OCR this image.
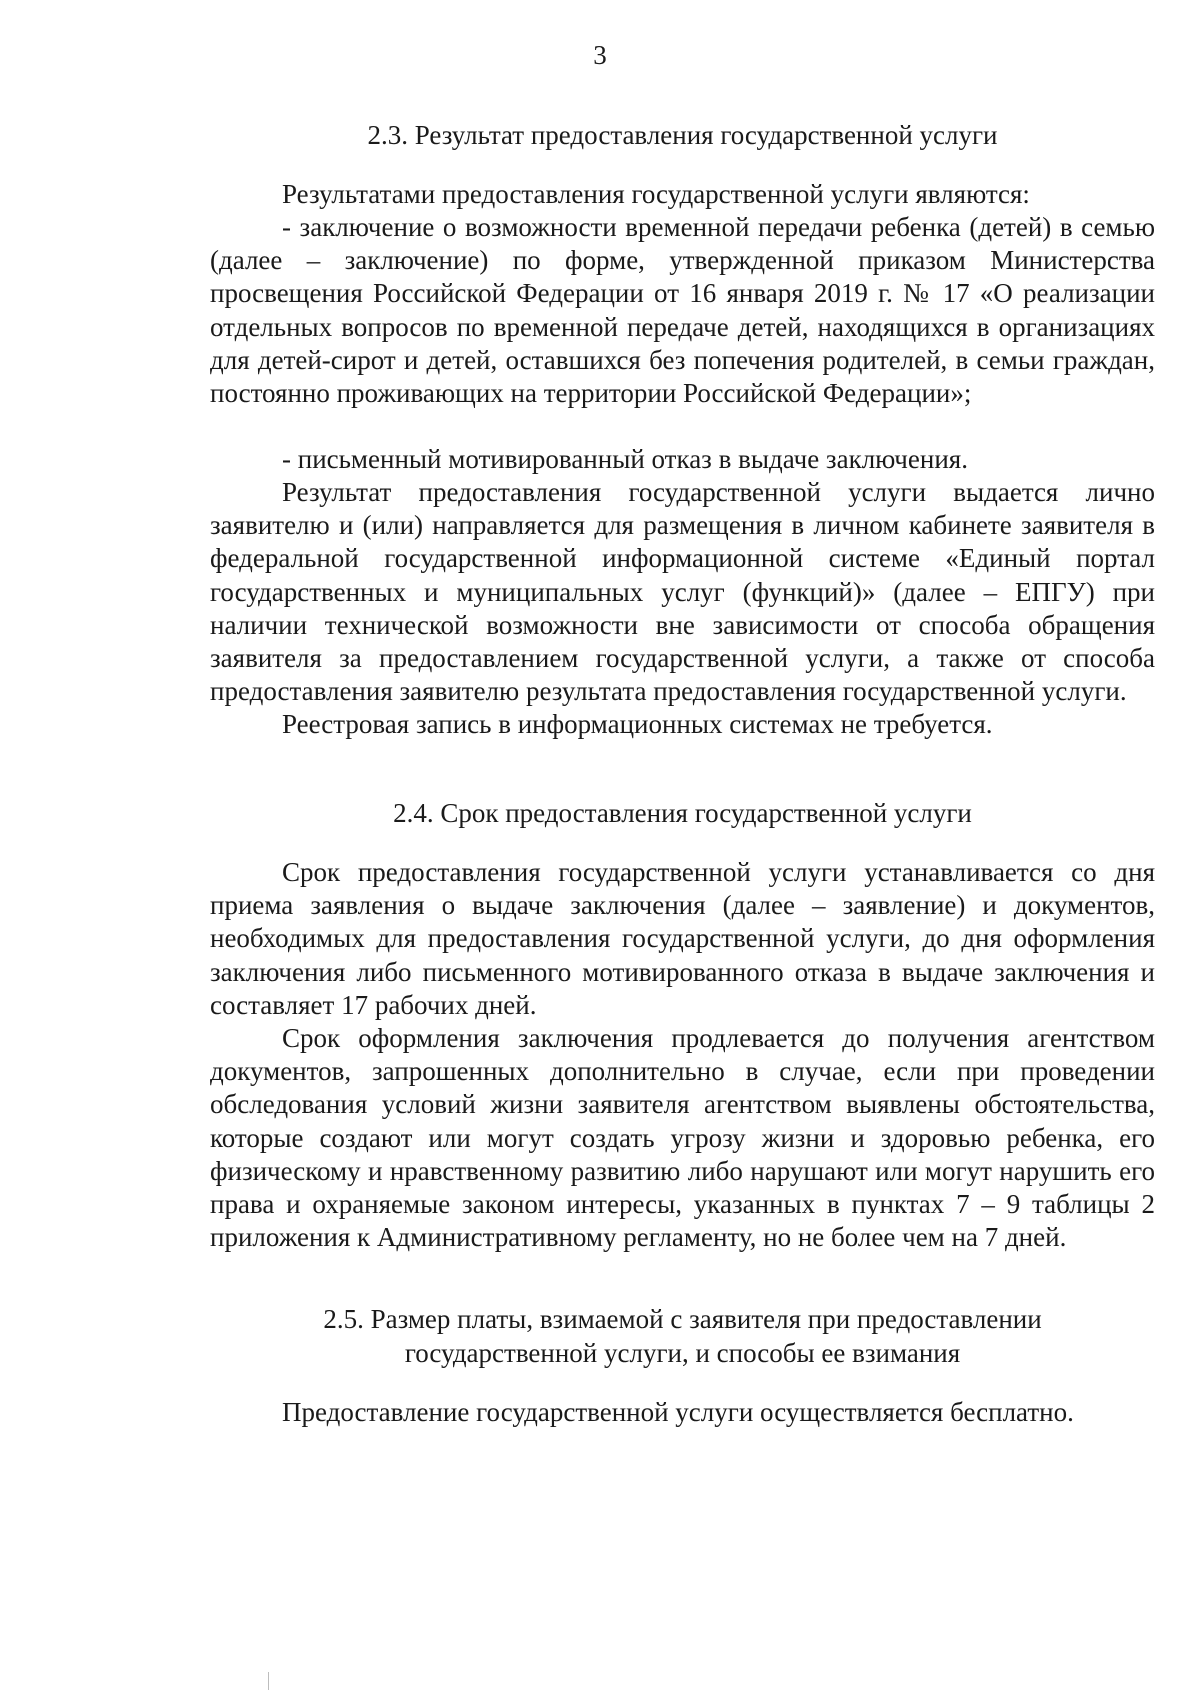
3
2.3. Результат предоставления государственной услуги

Результатами предоставления государственной услуги являются:

- заключение о возможности временной передачи ребенка (детей) в семью (далее – заключение) по форме, утвержденной приказом Министерства просвещения Российской Федерации от 16 января 2019 г. № 17 «О реализации отдельных вопросов по временной передаче детей, находящихся в организациях для детей-сирот и детей, оставшихся без попечения родителей, в семьи граждан, постоянно проживающих на территории Российской Федерации»;

- письменный мотивированный отказ в выдаче заключения.

Результат предоставления государственной услуги выдается лично заявителю и (или) направляется для размещения в личном кабинете заявителя в федеральной государственной информационной системе «Единый портал государственных и муниципальных услуг (функций)» (далее – ЕПГУ) при наличии технической возможности вне зависимости от способа обращения заявителя за предоставлением государственной услуги, а также от способа предоставления заявителю результата предоставления государственной услуги.

Реестровая запись в информационных системах не требуется.

2.4. Срок предоставления государственной услуги

Срок предоставления государственной услуги устанавливается со дня приема заявления о выдаче заключения (далее – заявление) и документов, необходимых для предоставления государственной услуги, до дня оформления заключения либо письменного мотивированного отказа в выдаче заключения и составляет 17 рабочих дней.

Срок оформления заключения продлевается до получения агентством документов, запрошенных дополнительно в случае, если при проведении обследования условий жизни заявителя агентством выявлены обстоятельства, которые создают или могут создать угрозу жизни и здоровью ребенка, его физическому и нравственному развитию либо нарушают или могут нарушить его права и охраняемые законом интересы, указанных в пунктах 7 – 9 таблицы 2 приложения к Административному регламенту, но не более чем на 7 дней.

2.5. Размер платы, взимаемой с заявителя при предоставлении
государственной услуги, и способы ее взимания

Предоставление государственной услуги осуществляется бесплатно.
